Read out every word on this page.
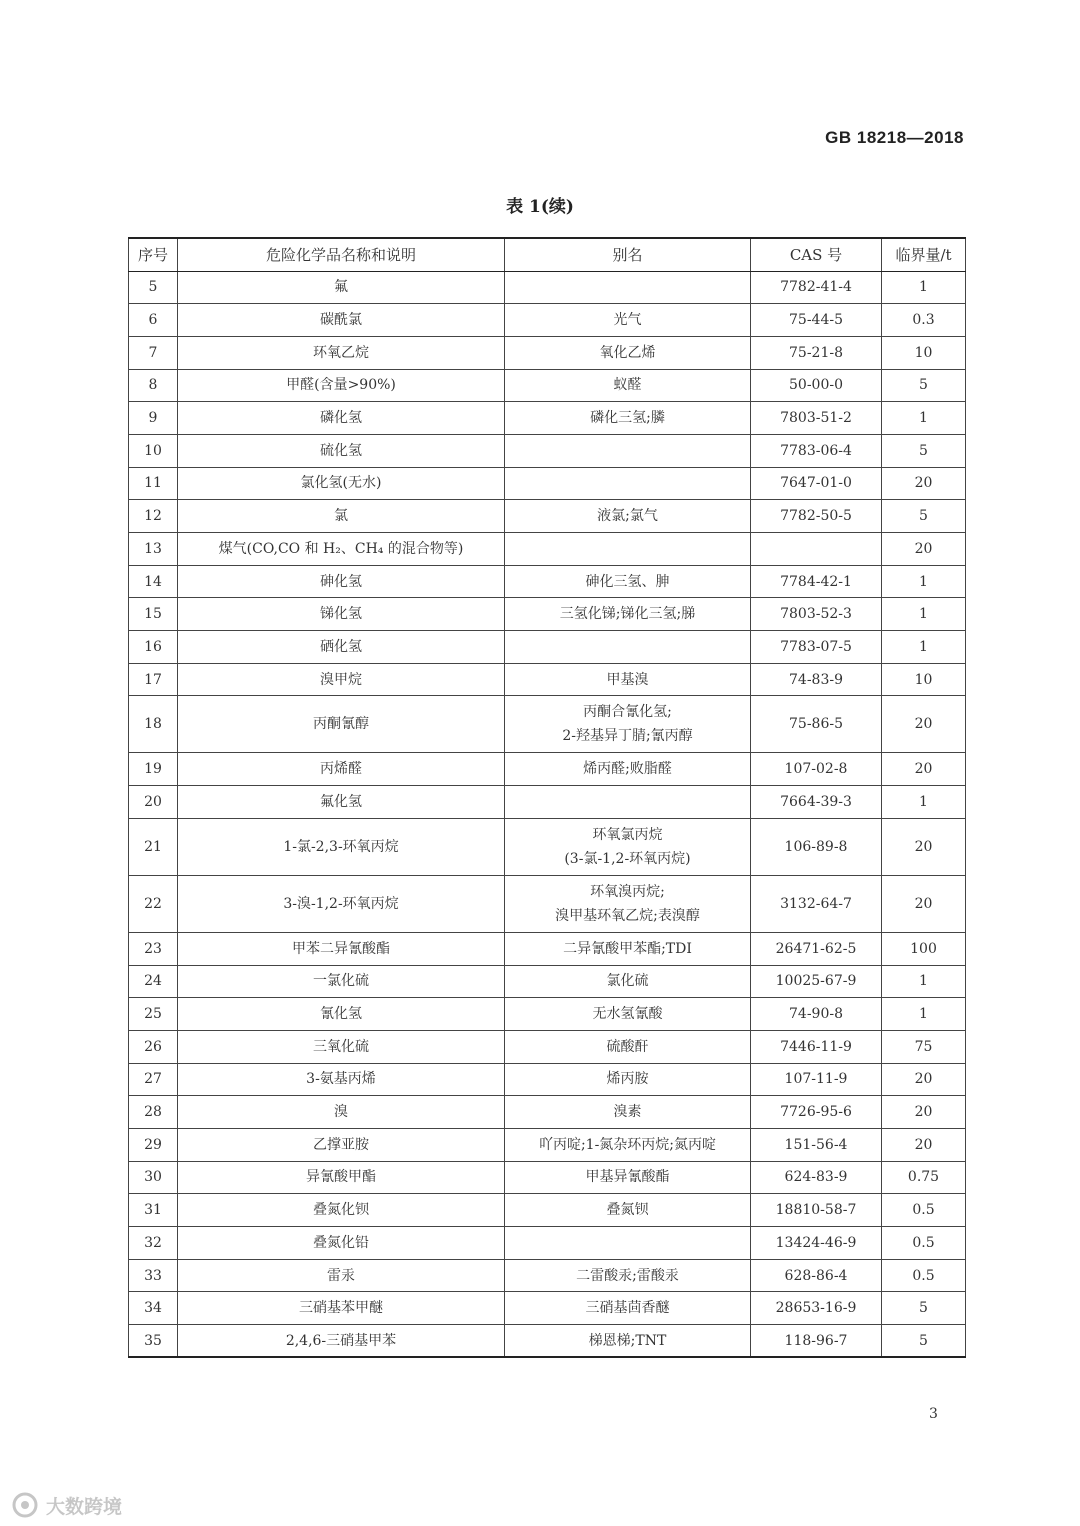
GB 18218—2018
表 1(续)
序号	危险化学品名称和说明	别名	CAS 号	临界量/t
5	氟		7782-41-4	1
6	碳酰氯	光气	75-44-5	0.3
7	环氧乙烷	氧化乙烯	75-21-8	10
8	甲醛(含量>90%)	蚁醛	50-00-0	5
9	磷化氢	磷化三氢;膦	7803-51-2	1
10	硫化氢		7783-06-4	5
11	氯化氢(无水)		7647-01-0	20
12	氯	液氯;氯气	7782-50-5	5
13	煤气(CO,CO 和 H₂、CH₄ 的混合物等)			20
14	砷化氢	砷化三氢、胂	7784-42-1	1
15	锑化氢	三氢化锑;锑化三氢;䏲	7803-52-3	1
16	硒化氢		7783-07-5	1
17	溴甲烷	甲基溴	74-83-9	10
18	丙酮氰醇	丙酮合氰化氢;
2-羟基异丁腈;氰丙醇	75-86-5	20
19	丙烯醛	烯丙醛;败脂醛	107-02-8	20
20	氟化氢		7664-39-3	1
21	1-氯-2,3-环氧丙烷	环氧氯丙烷
(3-氯-1,2-环氧丙烷)	106-89-8	20
22	3-溴-1,2-环氧丙烷	环氧溴丙烷;
溴甲基环氧乙烷;表溴醇	3132-64-7	20
23	甲苯二异氰酸酯	二异氰酸甲苯酯;TDI	26471-62-5	100
24	一氯化硫	氯化硫	10025-67-9	1
25	氰化氢	无水氢氰酸	74-90-8	1
26	三氧化硫	硫酸酐	7446-11-9	75
27	3-氨基丙烯	烯丙胺	107-11-9	20
28	溴	溴素	7726-95-6	20
29	乙撑亚胺	吖丙啶;1-氮杂环丙烷;氮丙啶	151-56-4	20
30	异氰酸甲酯	甲基异氰酸酯	624-83-9	0.75
31	叠氮化钡	叠氮钡	18810-58-7	0.5
32	叠氮化铅		13424-46-9	0.5
33	雷汞	二雷酸汞;雷酸汞	628-86-4	0.5
34	三硝基苯甲醚	三硝基茴香醚	28653-16-9	5
35	2,4,6-三硝基甲苯	梯恩梯;TNT	118-96-7	5
3
大数跨境
